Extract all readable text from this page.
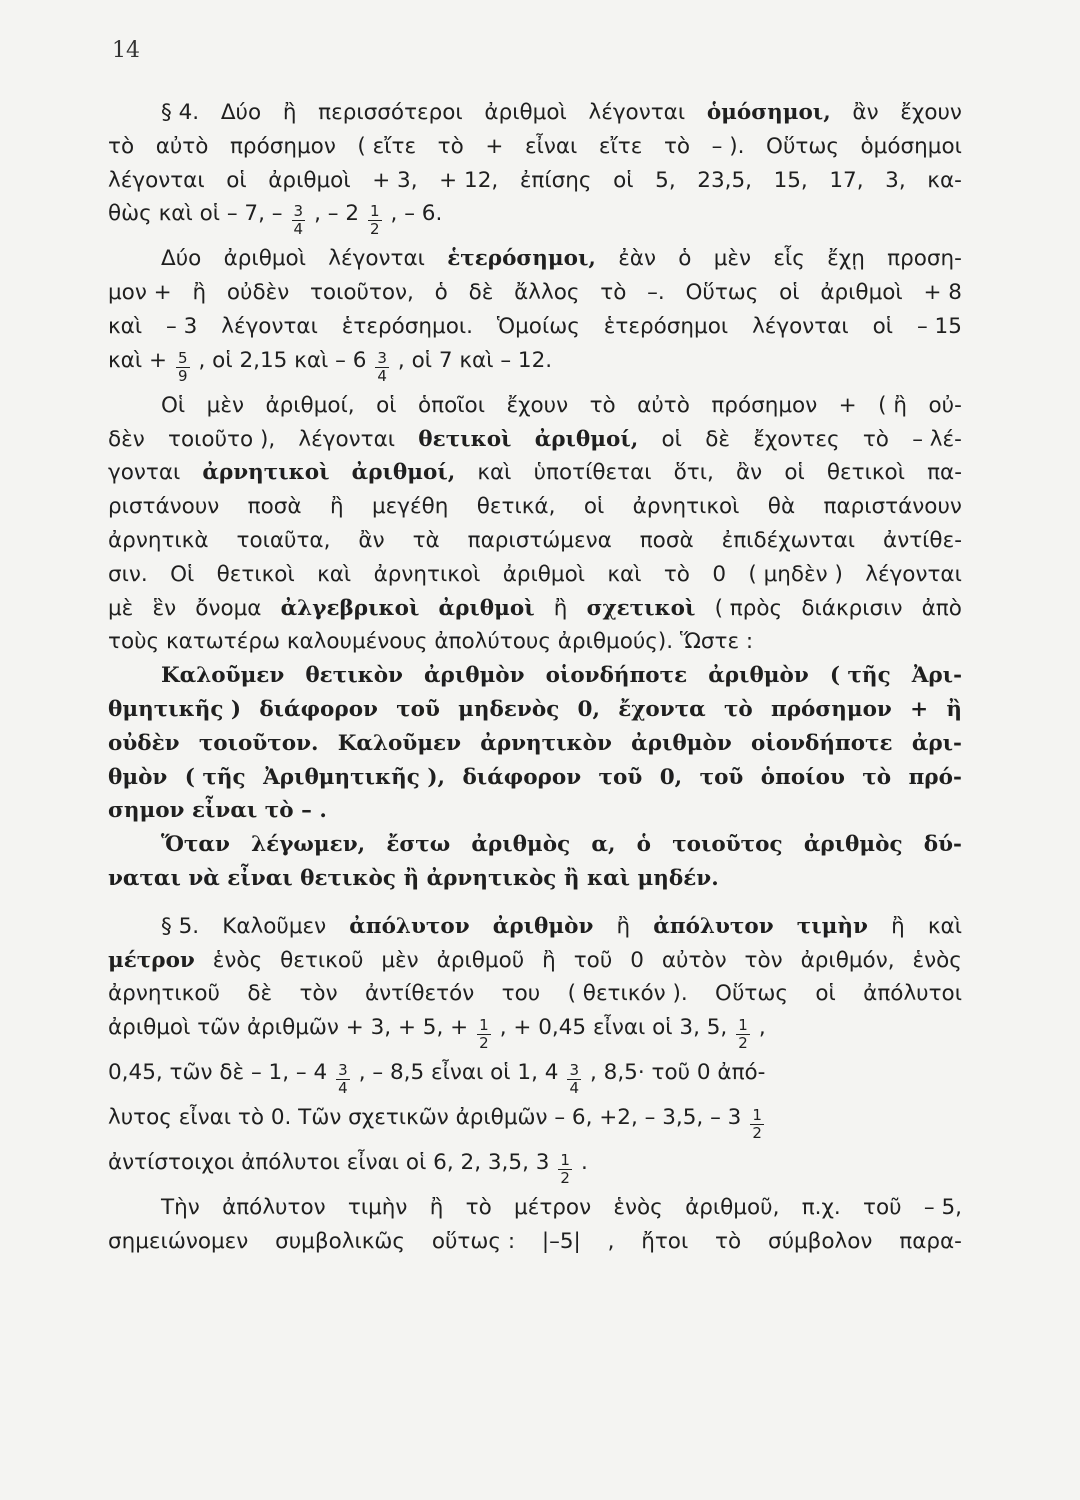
14
§ 4. Δύο ἢ περισσότεροι ἀριθμοὶ λέγονται ὁμόσημοι, ἂν ἔχουν
τὸ αὐτὸ πρόσημον ( εἴτε τὸ + εἶναι εἴτε τὸ – ). Οὕτως ὁμόσημοι
λέγονται οἱ ἀριθμοὶ + 3, + 12, ἐπίσης οἱ 5, 23,5, 15, 17, 3, κα-
θὼς καὶ οἱ – 7, – $\frac{3}{4}$ , – $2 \frac{1}{2}$ , – 6.
Δύο ἀριθμοὶ λέγονται ἑτερόσημοι, ἐὰν ὁ μὲν εἷς ἔχῃ προση-
μον + ἢ οὐδὲν τοιοῦτον, ὁ δὲ ἄλλος τὸ –. Οὕτως οἱ ἀριθμοὶ + 8
καὶ – 3 λέγονται ἑτερόσημοι. Ὁμοίως ἑτερόσημοι λέγονται οἱ – 15
καὶ + $\frac{5}{9}$ , οἱ 2,15 καὶ – $6 \frac{3}{4}$ , οἱ 7 καὶ – 12.
Οἱ μὲν ἀριθμοί, οἱ ὁποῖοι ἔχουν τὸ αὐτὸ πρόσημον + ( ἢ οὐ-
δὲν τοιοῦτο ), λέγονται θετικοὶ ἀριθμοί, οἱ δὲ ἔχοντες τὸ – λέ-
γονται ἀρνητικοὶ ἀριθμοί, καὶ ὑποτίθεται ὅτι, ἂν οἱ θετικοὶ πα-
ριστάνουν ποσὰ ἢ μεγέθη θετικά, οἱ ἀρνητικοὶ θὰ παριστάνουν
ἀρνητικὰ τοιαῦτα, ἂν τὰ παριστώμενα ποσὰ ἐπιδέχωνται ἀντίθε-
σιν. Οἱ θετικοὶ καὶ ἀρνητικοὶ ἀριθμοὶ καὶ τὸ 0 ( μηδὲν ) λέγονται
μὲ ἓν ὄνομα ἀλγεβρικοὶ ἀριθμοὶ ἢ σχετικοὶ ( πρὸς διάκρισιν ἀπὸ
τοὺς κατωτέρω καλουμένους ἀπολύτους ἀριθμούς). Ὥστε :
Καλοῦμεν θετικὸν ἀριθμὸν οἱονδήποτε ἀριθμὸν ( τῆς Ἀρι-
θμητικῆς ) διάφορον τοῦ μηδενὸς 0, ἔχοντα τὸ πρόσημον + ἢ
οὐδὲν τοιοῦτον. Καλοῦμεν ἀρνητικὸν ἀριθμὸν οἱονδήποτε ἀρι-
θμὸν ( τῆς Ἀριθμητικῆς ), διάφορον τοῦ 0, τοῦ ὁποίου τὸ πρό-
σημον εἶναι τὸ – .
Ὅταν λέγωμεν, ἔστω ἀριθμὸς α, ὁ τοιοῦτος ἀριθμὸς δύ-
ναται νὰ εἶναι θετικὸς ἢ ἀρνητικὸς ἢ καὶ μηδέν.
§ 5. Καλοῦμεν ἀπόλυτον ἀριθμὸν ἢ ἀπόλυτον τιμὴν ἢ καὶ
μέτρον ἑνὸς θετικοῦ μὲν ἀριθμοῦ ἢ τοῦ 0 αὐτὸν τὸν ἀριθμόν, ἑνὸς
ἀρνητικοῦ δὲ τὸν ἀντίθετόν του ( θετικόν ). Οὕτως οἱ ἀπόλυτοι
ἀριθμοὶ τῶν ἀριθμῶν + 3, + 5, + $\frac{1}{2}$ , + 0,45 εἶναι οἱ 3, 5, $\frac{1}{2}$ ,
0,45, τῶν δὲ – 1, – $4 \frac{3}{4}$ , – 8,5 εἶναι οἱ 1, $4 \frac{3}{4}$ , 8,5· τοῦ 0 ἀπό-
λυτος εἶναι τὸ 0. Τῶν σχετικῶν ἀριθμῶν – 6, +2, – 3,5, – $3 \frac{1}{2}$
ἀντίστοιχοι ἀπόλυτοι εἶναι οἱ 6, 2, 3,5, $3 \frac{1}{2}$ .
Τὴν ἀπόλυτον τιμὴν ἢ τὸ μέτρον ἑνὸς ἀριθμοῦ, π.χ. τοῦ – 5,
σημειώνομεν συμβολικῶς οὕτως : |–5| , ἤτοι τὸ σύμβολον παρα-
